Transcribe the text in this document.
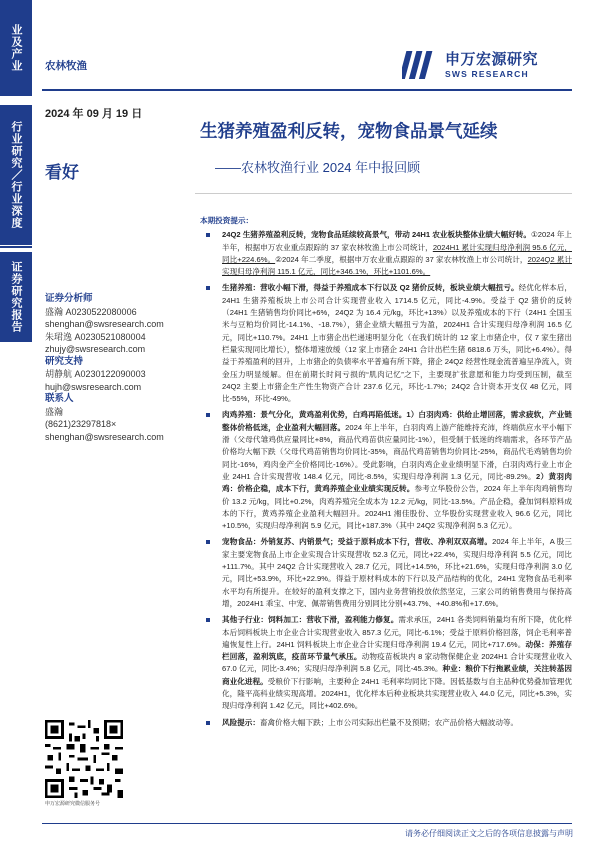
业及产业
行业研究／行业深度
证券研究报告
农林牧渔	申万宏源研究
SWS RESEARCH
2024 年 09 月 19 日
看好
生猪养殖盈利反转，宠物食品景气延续
——农林牧渔行业 2024 年中报回顾
证券分析师
盛瀚 A0230522080006
shenghan@swsresearch.com
朱珺逸 A0230521080004
zhujy@swsresearch.com
研究支持
胡静航 A0230122090003
hujh@swsresearch.com
联系人
盛瀚
(8621)23297818×
shenghan@swsresearch.com
申万宏源研究微信服务号
本期投资提示：
24Q2 生猪养殖盈利反转，宠物食品延续较高景气，带动 24H1 农业板块整体业绩大幅好转。①2024 年上半年，根据申万农业重点跟踪的 37 家农林牧渔上市公司统计，2024H1 累计实现归母净利润 95.6 亿元，同比+224.6%。②2024 年二季度，根据申万农业重点跟踪的 37 家农林牧渔上市公司统计，2024Q2 累计实现归母净利润 115.1 亿元，同比+346.1%，环比+1101.6%。
生猪养殖：营收小幅下滑，得益于养殖成本下行以及 Q2 猪价反转，板块业绩大幅扭亏。经优化样本后，24H1 生猪养殖板块上市公司合计实现营业收入 1714.5 亿元，同比-4.9%。受益于 Q2 猪价的反转（24H1 生猪销售均价同比+6%，24Q2 为 16.4 元/kg，环比+13%）以及养殖成本的下行（24H1 全国玉米与豆粕均价同比-14.1%、-18.7%），猪企业绩大幅扭亏为盈，2024H1 合计实现归母净利润 16.5 亿元，同比+110.7%。24H1 上市猪企出栏递速明显分化（在我们统计的 12 家上市猪企中，仅 7 家生猪出栏量实现同比增长），整体增速放缓（12 家上市猪企 24H1 合计出栏生猪 6818.6 万头，同比+6.4%）。得益于养殖盈利的回升，上市猪企的负债率水平普遍有所下降，猪企 24Q2 经营性现金流普遍呈净流入，资金压力明显缓解。但在前期长时间亏损的“肌肉记忆”之下，主要现扩张意愿和能力均受到压制，截至 24Q2 主要上市猪企生产性生物资产合计 237.6 亿元，环比-1.7%；24Q2 合计资本开支仅 48 亿元，同比-55%，环比-49%。
肉鸡养殖：景气分化，黄鸡盈利优势，白鸡再陷低迷。1）白羽肉鸡：供给止增回落，需求疲软，产业链整体价格低迷，企业盈利大幅回落。2024 年上半年，白羽肉鸡上游产能维持充沛，终端供应水平小幅下滑（父母代雏鸡供应量同比+8%，商品代鸡苗供应量同比-1%），但受制于低迷的终端需求，各环节产品价格均大幅下跌（父母代鸡苗销售均价同比-35%，商品代鸡苗销售均价同比-25%，商品代毛鸡销售均价同比-16%，鸡肉金产全价格同比-16%）。受此影响，白羽肉鸡企业业绩明显下滑，白羽肉鸡行业上市企业 24H1 合计实现营收 148.4 亿元，同比-8.5%，实现归母净利润 1.3 亿元，同比-89.2%。2）黄羽肉鸡：价格企稳，成本下行，黄鸡养殖企业业绩实现反转。参考立华股份公告，2024 年上半年肉鸡销售均价 13.2 元/kg，同比+0.2%，肉鸡养殖完全成本为 12.2 元/kg，同比-13.5%。产品企稳，叠加饲料原料成本的下行，黄鸡养殖企业盈利大幅回升。2024H1 湘佳股份、立华股份实现营业收入 96.6 亿元，同比+10.5%，实现归母净利润 5.9 亿元，同比+187.3%（其中 24Q2 实现净利润 5.3 亿元）。
宠物食品：外销复苏、内销景气；受益于原料成本下行，营收、净利双双高增。2024 年上半年，A 股三家主要宠物食品上市企业实现合计实现营收 52.3 亿元，同比+22.4%，实现归母净利润 5.5 亿元，同比+111.7%。其中 24Q2 合计实现营收入 28.7 亿元，同比+14.5%，环比+21.6%，实现归母净利润 3.0 亿元，同比+53.9%，环比+22.9%。得益于原材料成本的下行以及产品结构的优化，24H1 宠物食品毛利率水平均有所提升。在较好的盈利支撑之下，国内业务营销投放依然坚定，三家公司的销售费用与保持高增，2024H1 乖宝、中宠、佩蒂销售费用分别同比分别+43.7%、+40.8%和+17.6%。
其他子行业：饲料加工：营收下滑，盈利能力修复。需求承压，24H1 各类饲料销量均有所下降，优化样本后饲料板块上市企业合计实现营业收入 857.3 亿元，同比-6.1%；受益于原料价格回落，饲企毛利率普遍恢复性上行。24H1 饲料板块上市企业合计实现归母净利润 19.4 亿元，同比+717.6%。动保：养殖存栏回落，盈利筑底，疫苗环节量气承压。动物疫苗板块内 8 家动物保健企业 2024H1 合计实现营业收入 67.0 亿元，同比-3.4%；实现归母净利润 5.8 亿元，同比-45.3%。种业：粮价下行拖累业绩，关注转基因商业化进程。受粮价下行影响，主要种企 24H1 毛利率均同比下降。因低基数与自主品种优势叠加管理优化，隆平高科业绩实现高增。2024H1，优化样本后种业板块共实现营业收入 44.0 亿元，同比+5.3%，实现归母净利润 1.42 亿元，同比+402.6%。
风险提示：畜禽价格大幅下跌；上市公司实际出栏量不及预期；农产品价格大幅波动等。
请务必仔细阅读正文之后的各项信息披露与声明
